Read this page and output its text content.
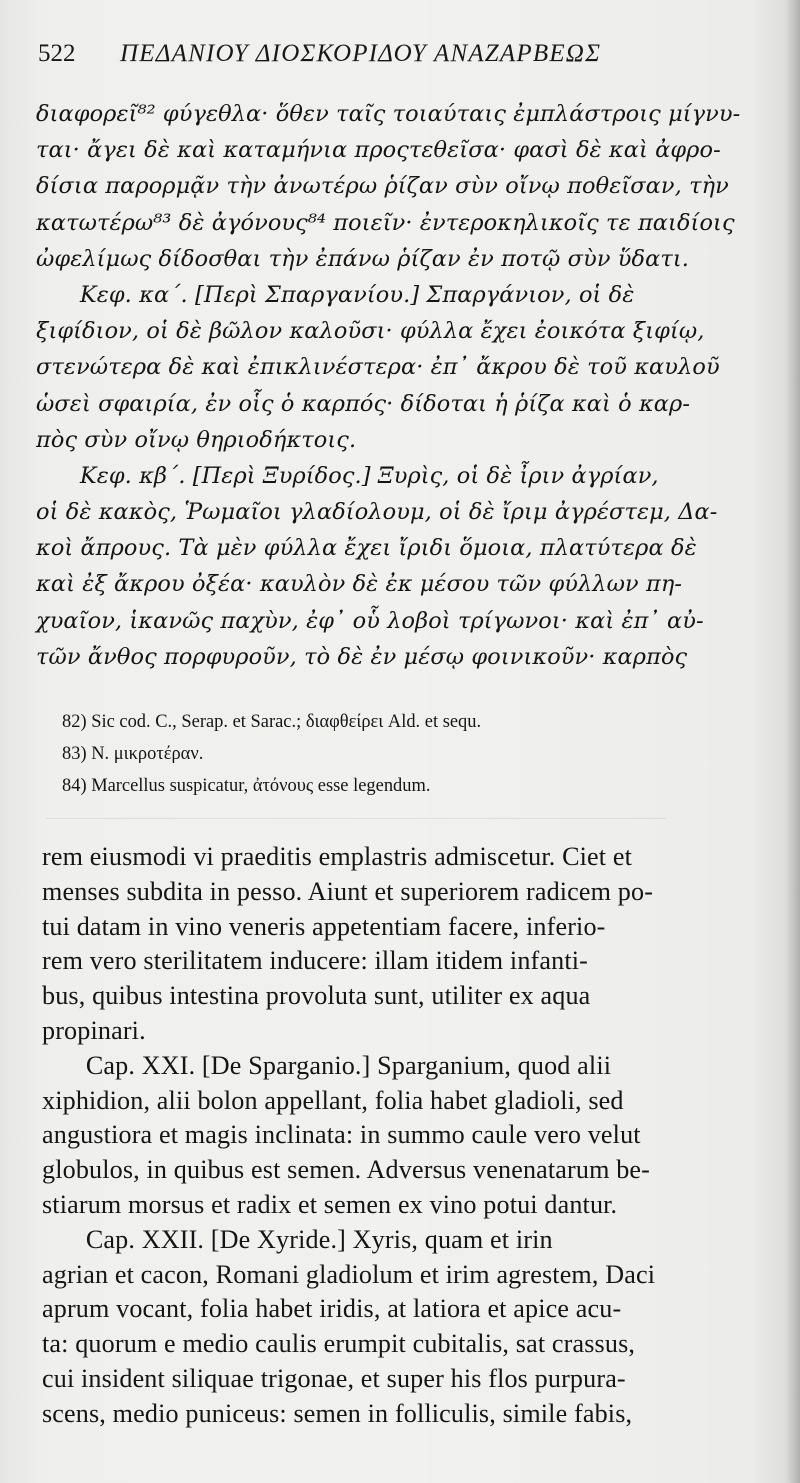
522 ΠΕΔΑΝΙΟΥ ΔΙΟΣΚΟΡΙΔΟΥ ΑΝΑΖΑΡΒΕΩΣ
διαφορεῖ⁸² φύγεθλα· ὅθεν ταῖς τοιαύταις ἐμπλάστροις μίγνυ-
ται· ἄγει δὲ καὶ καταμήνια προςτεθεῖσα· φασὶ δὲ καὶ ἀφρο-
δίσια παρορμᾷν τὴν ἀνωτέρω ῥίζαν σὺν οἴνῳ ποθεῖσαν, τὴν
κατωτέρω⁸³ δὲ ἀγόνους⁸⁴ ποιεῖν· ἐντεροκηλικοῖς τε παιδίοις
ὠφελίμως δίδοσθαι τὴν ἐπάνω ῥίζαν ἐν ποτῷ σὺν ὕδατι.
Κεφ. κα΄. [Περὶ Σπαργανίου.] Σπαργάνιον, οἱ δὲ
ξιφίδιον, οἱ δὲ βῶλον καλοῦσι· φύλλα ἔχει ἐοικότα ξιφίῳ,
στενώτερα δὲ καὶ ἐπικλινέστερα· ἐπ᾽ ἄκρου δὲ τοῦ καυλοῦ
ὡσεὶ σφαιρία, ἐν οἷς ὁ καρπός· δίδοται ἡ ῥίζα καὶ ὁ καρ-
πὸς σὺν οἴνῳ θηριοδήκτοις.
Κεφ. κβ΄. [Περὶ Ξυρίδος.] Ξυρὶς, οἱ δὲ ἶριν ἀγρίαν,
οἱ δὲ κακὸς, Ῥωμαῖοι γλαδίολουμ, οἱ δὲ ἴριμ ἀγρέστεμ, Δα-
κοὶ ἄπρους. Τὰ μὲν φύλλα ἔχει ἴριδι ὅμοια, πλατύτερα δὲ
καὶ ἐξ ἄκρου ὀξέα· καυλὸν δὲ ἐκ μέσου τῶν φύλλων πη-
χυαῖον, ἱκανῶς παχὺν, ἐφ᾽ οὗ λοβοὶ τρίγωνοι· καὶ ἐπ᾽ αὐ-
τῶν ἄνθος πορφυροῦν, τὸ δὲ ἐν μέσῳ φοινικοῦν· καρπὸς
82) Sic cod. C., Serap. et Sarac.; διαφθείρει Ald. et sequ.
83) N. μικροτέραν.
84) Marcellus suspicatur, ἀτόνους esse legendum.
rem eiusmodi vi praeditis emplastris admiscetur. Ciet et
menses subdita in pesso. Aiunt et superiorem radicem po-
tui datam in vino veneris appetentiam facere, inferio-
rem vero sterilitatem inducere: illam itidem infanti-
bus, quibus intestina provoluta sunt, utiliter ex aqua
propinari.
Cap. XXI. [De Sparganio.] Sparganium, quod alii
xiphidion, alii bolon appellant, folia habet gladioli, sed
angustiora et magis inclinata: in summo caule vero velut
globulos, in quibus est semen. Adversus venenatarum be-
stiarum morsus et radix et semen ex vino potui dantur.
Cap. XXII. [De Xyride.] Xyris, quam et irin
agrian et cacon, Romani gladiolum et irim agrestem, Daci
aprum vocant, folia habet iridis, at latiora et apice acu-
ta: quorum e medio caulis erumpit cubitalis, sat crassus,
cui insident siliquae trigonae, et super his flos purpura-
scens, medio puniceus: semen in folliculis, simile fabis,
